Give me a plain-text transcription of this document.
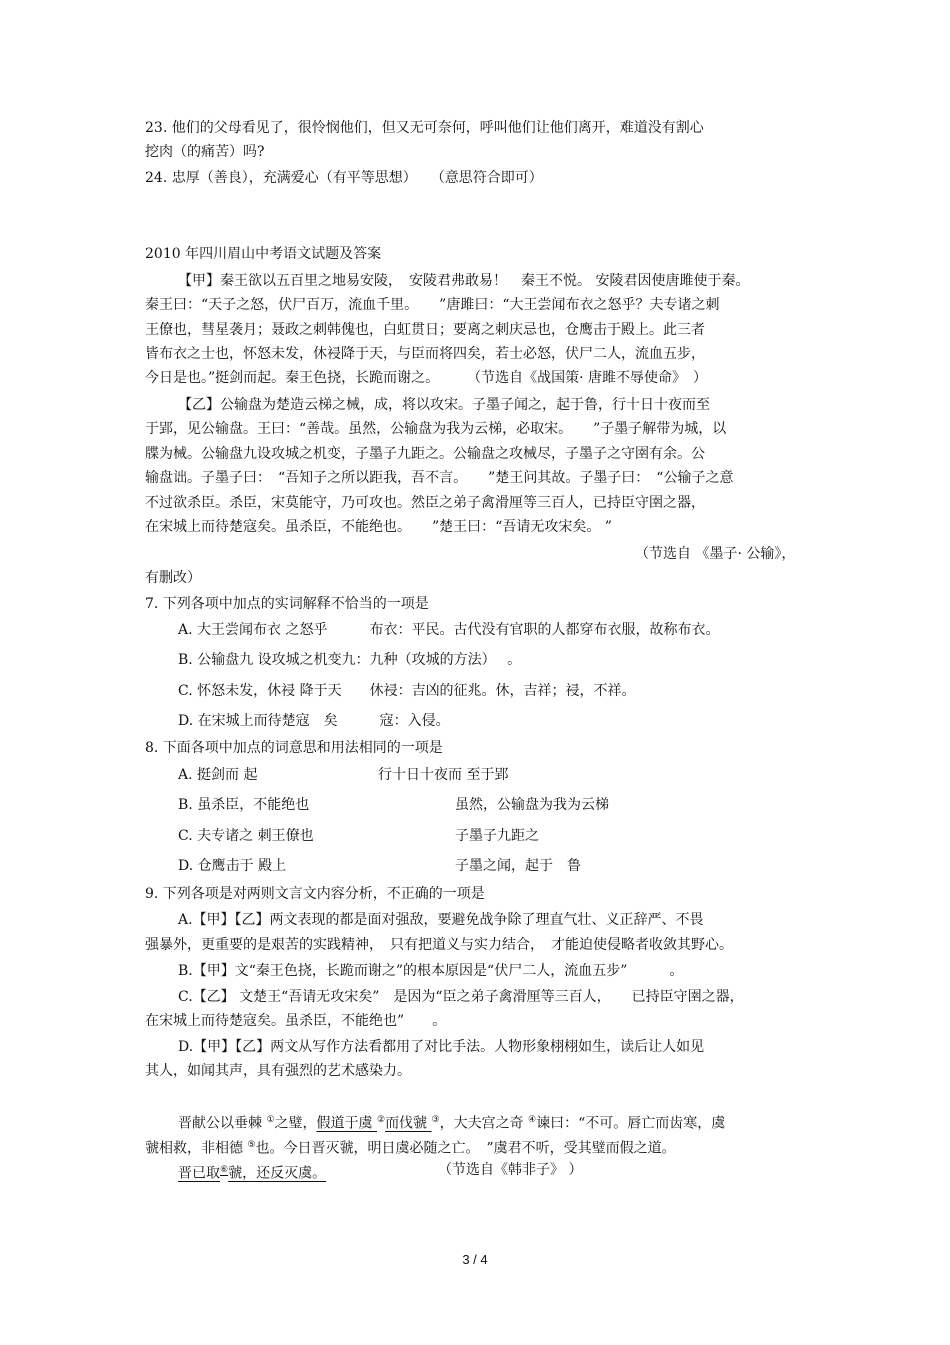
23. 他们的父母看见了，很怜悯他们，但又无可奈何，呼叫他们让他们离开，难道没有割心
挖肉（的痛苦）吗?
24. 忠厚（善良），充满爱心（有平等思想）　　（意思符合即可）
2010 年四川眉山中考语文试题及答案
【甲】秦王欲以五百里之地易安陵，　安陵君弗敢易！　秦王不悦。 安陵君因使唐雎使于秦。
秦王曰：“天子之怒，伏尸百万，流血千里。　　”唐雎曰：“大王尝闻布衣之怒乎？夫专诸之刺
王僚也，彗星袭月；聂政之刺韩傀也，白虹贯日；要离之刺庆忌也，仓鹰击于殿上。此三者
皆布衣之士也，怀怒未发，休祲降于天，与臣而将四矣，若士必怒，伏尸二人，流血五步，
今日是也。”挺剑而起。秦王色挠，长跪而谢之。　　　（节选自《战国策· 唐雎不辱使命》　）
【乙】公输盘为楚造云梯之械，成，将以攻宋。子墨子闻之，起于鲁，行十日十夜而至
于郢，见公输盘。王曰：“善哉。虽然，公输盘为我为云梯，必取宋。　　”子墨子解带为城，以
牒为械。公输盘九设攻城之机变，子墨子九距之。公输盘之攻械尽，子墨子之守圉有余。公
输盘诎。子墨子曰：　“吾知子之所以距我，吾不言。　　”楚王问其故。子墨子曰：　“公输子之意
不过欲杀臣。杀臣，宋莫能守，乃可攻也。然臣之弟子禽滑厘等三百人，已持臣守圉之器，
在宋城上而待楚寇矣。虽杀臣，不能绝也。　　”楚王曰：“吾请无攻宋矣。 ”
（节选自 《墨子· 公输》，
有删改）
7. 下列各项中加点的实词解释不恰当的一项是
A. 大王尝闻布衣 之怒乎　　　布衣：平民。古代没有官职的人都穿布衣服，故称布衣。
B. 公输盘九 设攻城之机变九：九种（攻城的方法）　 。
C. 怀怒未发，休祲 降于天　　休祲：吉凶的征兆。休，吉祥；祲，不祥。
D. 在宋城上而待楚寇　矣　　　寇：入侵。
8. 下面各项中加点的词意思和用法相同的一项是
A. 挺剑而 起	行十日十夜而 至于郢
B. 虽杀臣，不能绝也	虽然，公输盘为我为云梯
C. 夫专诸之 刺王僚也	子墨子九距之
D. 仓鹰击于 殿上	子墨之闻，起于　鲁
9. 下列各项是对两则文言文内容分析，不正确的一项是
A.【甲】【乙】两文表现的都是面对强敌，要避免战争除了理直气壮、义正辞严、不畏
强暴外，更重要的是艰苦的实践精神，　只有把道义与实力结合，　才能迫使侵略者收敛其野心。
B.【甲】文“秦王色挠，长跪而谢之”的根本原因是“伏尸二人，流血五步”　　　。
C.【乙】 文楚王“吾请无攻宋矣”　是因为“臣之弟子禽滑厘等三百人，　　已持臣守圉之器，
在宋城上而待楚寇矣。虽杀臣，不能绝也”　　。
D.【甲】【乙】两文从写作方法看都用了对比手法。人物形象栩栩如生，读后让人如见
其人，如闻其声，具有强烈的艺术感染力。
晋献公以垂棘 ①之璧，假道于虞 ②而伐虢 ③，大夫宫之奇 ④谏曰：“不可。唇亡而齿寒，虞
虢相救，非相德 ⑤也。今日晋灭虢，明日虞必随之亡。　”虞君不听，受其璧而假之道。
晋已取⑥虢，还反灭虞。	（节选自《韩非子》 ）
3 / 4
